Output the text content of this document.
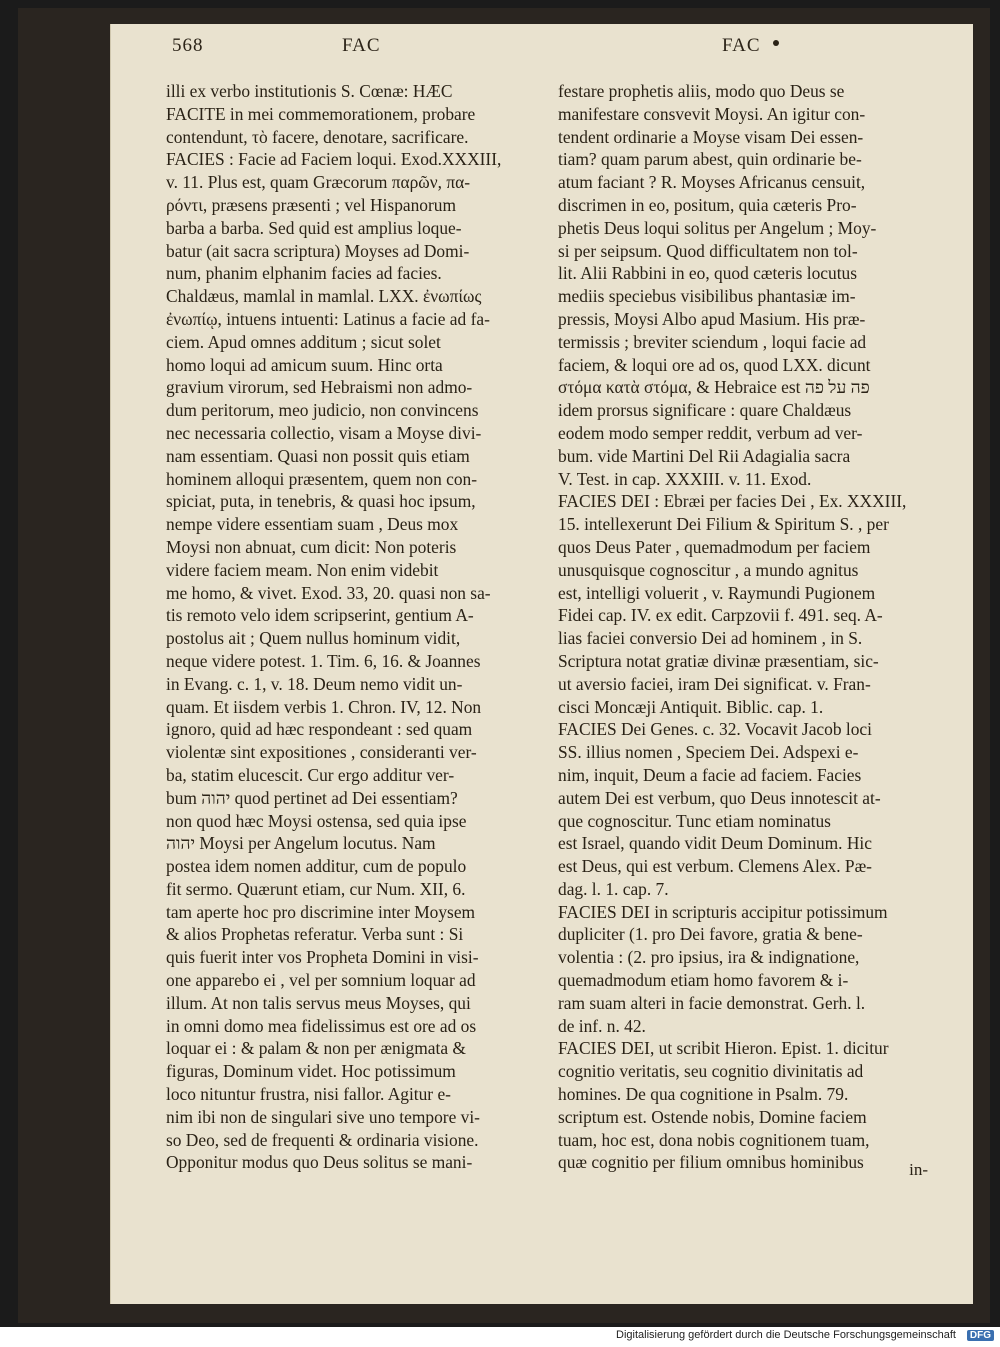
568	FAC	FAC
illi ex verbo institutionis S. Cœnæ: HÆC
FACITE in mei commemorationem, probare
contendunt, τὸ facere, denotare, sacrificare.
FACIES : Facie ad Faciem loqui. Exod.XXXIII,
v. 11. Plus est, quam Græcorum παρῶν, πα-
ρόντι, præsens præsenti ; vel Hispanorum
barba a barba. Sed quid est amplius loque-
batur (ait sacra scriptura) Moyses ad Domi-
num, phanim elphanim facies ad facies.
Chaldæus, mamlal in mamlal. LXX. ἐνωπίως
ἐνωπίῳ, intuens intuenti: Latinus a facie ad fa-
ciem. Apud omnes additum ; sicut solet
homo loqui ad amicum suum. Hinc orta
gravium virorum, sed Hebraismi non admo-
dum peritorum, meo judicio, non convincens
nec necessaria collectio, visam a Moyse divi-
nam essentiam. Quasi non possit quis etiam
hominem alloqui præsentem, quem non con-
spiciat, puta, in tenebris, & quasi hoc ipsum,
nempe videre essentiam suam , Deus mox
Moysi non abnuat, cum dicit: Non poteris
videre faciem meam. Non enim videbit
me homo, & vivet. Exod. 33, 20. quasi non sa-
tis remoto velo idem scripserint, gentium A-
postolus ait ; Quem nullus hominum vidit,
neque videre potest. 1. Tim. 6, 16. & Joannes
in Evang. c. 1, v. 18. Deum nemo vidit un-
quam. Et iisdem verbis 1. Chron. IV, 12. Non
ignoro, quid ad hæc respondeant : sed quam
violentæ sint expositiones , consideranti ver-
ba, statim elucescit. Cur ergo additur ver-
bum יהוה quod pertinet ad Dei essentiam?
non quod hæc Moysi ostensa, sed quia ipse
יהוה Moysi per Angelum locutus. Nam
postea idem nomen additur, cum de populo
fit sermo. Quærunt etiam, cur Num. XII, 6.
tam aperte hoc pro discrimine inter Moysem
& alios Prophetas referatur. Verba sunt : Si
quis fuerit inter vos Propheta Domini in visi-
one apparebo ei , vel per somnium loquar ad
illum. At non talis servus meus Moyses, qui
in omni domo mea fidelissimus est ore ad os
loquar ei : & palam & non per ænigmata &
figuras, Dominum videt. Hoc potissimum
loco nituntur frustra, nisi fallor. Agitur e-
nim ibi non de singulari sive uno tempore vi-
so Deo, sed de frequenti & ordinaria visione.
Opponitur modus quo Deus solitus se mani-
festare prophetis aliis, modo quo Deus se
manifestare consvevit Moysi. An igitur con-
tendent ordinarie a Moyse visam Dei essen-
tiam? quam parum abest, quin ordinarie be-
atum faciant ? R. Moyses Africanus censuit,
discrimen in eo, positum, quia cæteris Pro-
phetis Deus loqui solitus per Angelum ; Moy-
si per seipsum. Quod difficultatem non tol-
lit. Alii Rabbini in eo, quod cæteris locutus
mediis speciebus visibilibus phantasiæ im-
pressis, Moysi Albo apud Masium. His præ-
termissis ; breviter sciendum , loqui facie ad
faciem, & loqui ore ad os, quod LXX. dicunt
στόμα κατὰ στόμα, & Hebraice est פה על פה
idem prorsus significare : quare Chaldæus
eodem modo semper reddit, verbum ad ver-
bum. vide Martini Del Rii Adagialia sacra
V. Test. in cap. XXXIII. v. 11. Exod.
FACIES DEI : Ebræi per facies Dei , Ex. XXXIII,
15. intellexerunt Dei Filium & Spiritum S. , per
quos Deus Pater , quemadmodum per faciem
unusquisque cognoscitur , a mundo agnitus
est, intelligi voluerit , v. Raymundi Pugionem
Fidei cap. IV. ex edit. Carpzovii f. 491. seq. A-
lias faciei conversio Dei ad hominem , in S.
Scriptura notat gratiæ divinæ præsentiam, sic-
ut aversio faciei, iram Dei significat. v. Fran-
cisci Moncæji Antiquit. Biblic. cap. 1.
FACIES Dei Genes. c. 32. Vocavit Jacob loci
SS. illius nomen , Speciem Dei. Adspexi e-
nim, inquit, Deum a facie ad faciem. Facies
autem Dei est verbum, quo Deus innotescit at-
que cognoscitur. Tunc etiam nominatus
est Israel, quando vidit Deum Dominum. Hic
est Deus, qui est verbum. Clemens Alex. Pæ-
dag. l. 1. cap. 7.
FACIES DEI in scripturis accipitur potissimum
dupliciter (1. pro Dei favore, gratia & bene-
volentia : (2. pro ipsius, ira & indignatione,
quemadmodum etiam homo favorem & i-
ram suam alteri in facie demonstrat. Gerh. l.
de inf. n. 42.
FACIES DEI, ut scribit Hieron. Epist. 1. dicitur
cognitio veritatis, seu cognitio divinitatis ad
homines. De qua cognitione in Psalm. 79.
scriptum est. Ostende nobis, Domine faciem
tuam, hoc est, dona nobis cognitionem tuam,
quæ cognitio per filium omnibus hominibus	in-
Digitalisierung gefördert durch die Deutsche Forschungsgemeinschaft	DFG
